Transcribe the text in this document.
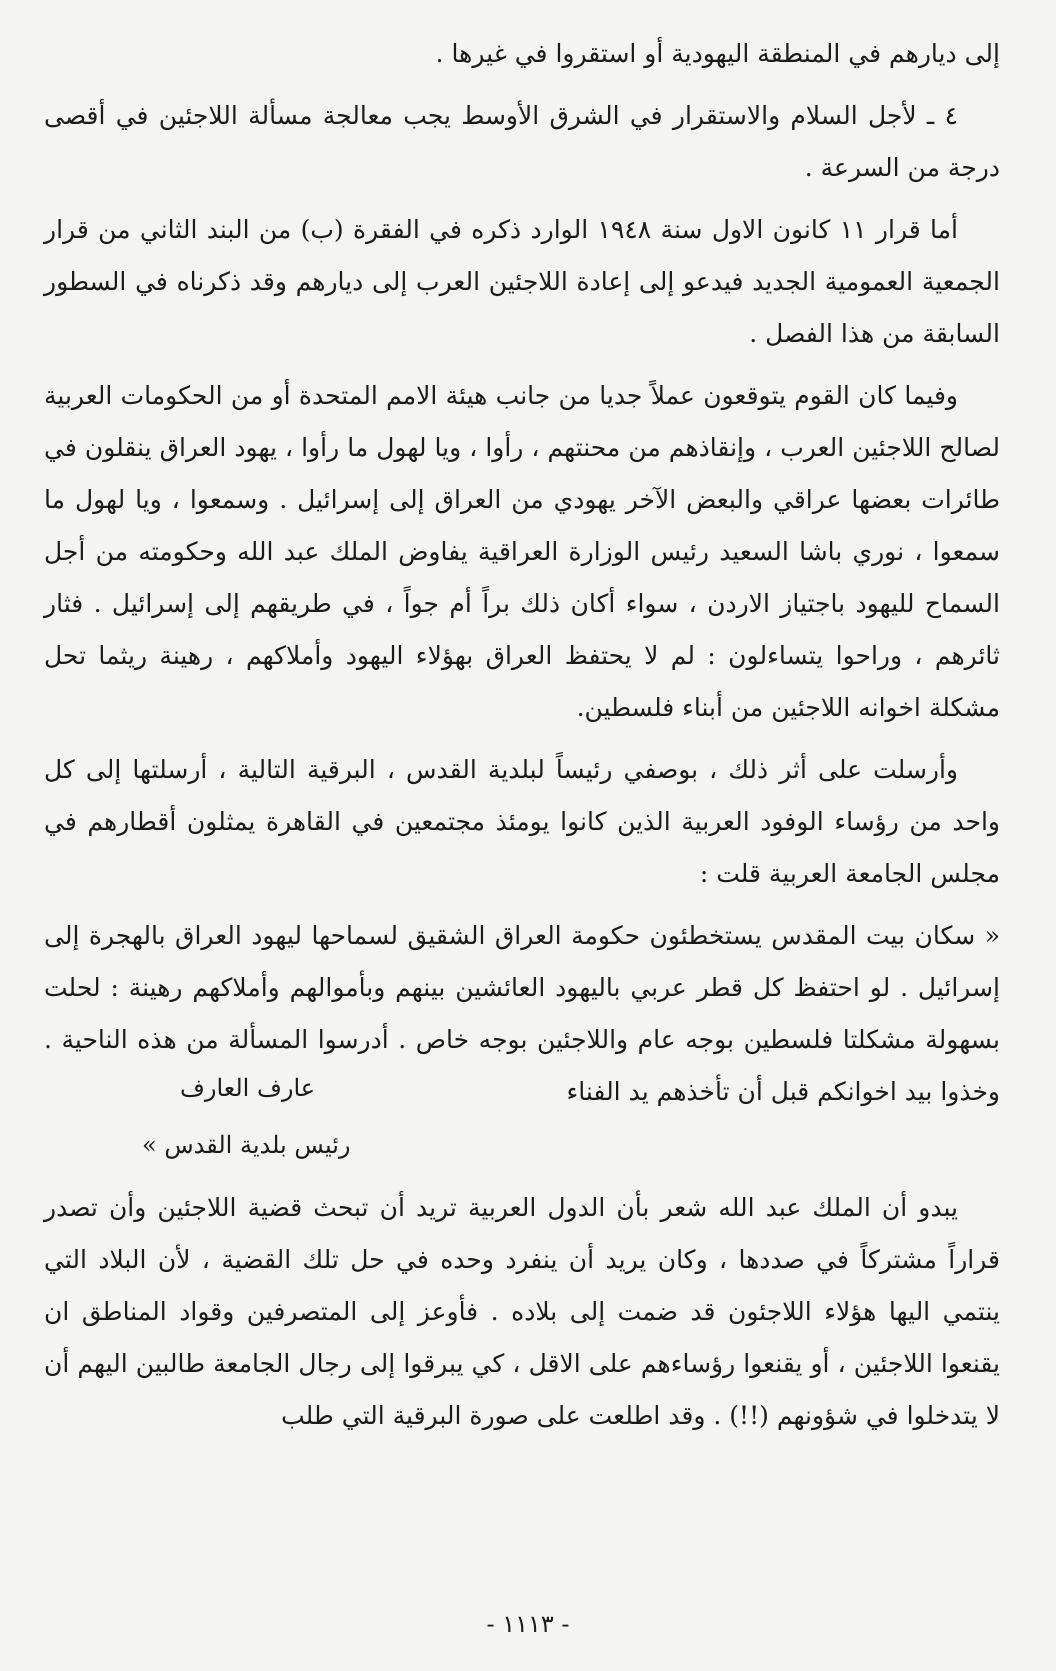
إلى ديارهم في المنطقة اليهودية أو استقروا في غيرها .

٤ ـ لأجل السلام والاستقرار في الشرق الأوسط يجب معالجة مسألة اللاجئين في أقصى درجة من السرعة .

أما قرار ١١ كانون الاول سنة ١٩٤٨ الوارد ذكره في الفقرة (ب) من البند الثاني من قرار الجمعية العمومية الجديد فيدعو إلى إعادة اللاجئين العرب إلى ديارهم وقد ذكرناه في السطور السابقة من هذا الفصل .

وفيما كان القوم يتوقعون عملاً جديا من جانب هيئة الامم المتحدة أو من الحكومات العربية لصالح اللاجئين العرب ، وإنقاذهم من محنتهم ، رأوا ، ويا لهول ما رأوا ، يهود العراق ينقلون في طائرات بعضها عراقي والبعض الآخر يهودي من العراق إلى إسرائيل . وسمعوا ، ويا لهول ما سمعوا ، نوري باشا السعيد رئيس الوزارة العراقية يفاوض الملك عبد الله وحكومته من أجل السماح لليهود باجتياز الاردن ، سواء أكان ذلك براً أم جواً ، في طريقهم إلى إسرائيل . فثار ثائرهم ، وراحوا يتساءلون : لم لا يحتفظ العراق بهؤلاء اليهود وأملاكهم ، رهينة ريثما تحل مشكلة اخوانه اللاجئين من أبناء فلسطين.

وأرسلت على أثر ذلك ، بوصفي رئيساً لبلدية القدس ، البرقية التالية ، أرسلتها إلى كل واحد من رؤساء الوفود العربية الذين كانوا يومئذ مجتمعين في القاهرة يمثلون أقطارهم في مجلس الجامعة العربية قلت :

« سكان بيت المقدس يستخطئون حكومة العراق الشقيق لسماحها ليهود العراق بالهجرة إلى إسرائيل . لو احتفظ كل قطر عربي باليهود العائشين بينهم وبأموالهم وأملاكهم رهينة : لحلت بسهولة مشكلتا فلسطين بوجه عام واللاجئين بوجه خاص . أدرسوا المسألة من هذه الناحية . وخذوا بيد اخوانكم قبل أن تأخذهم يد الفناء

عارف العارف
رئيس بلدية القدس »

يبدو أن الملك عبد الله شعر بأن الدول العربية تريد أن تبحث قضية اللاجئين وأن تصدر قراراً مشتركاً في صددها ، وكان يريد أن ينفرد وحده في حل تلك القضية ، لأن البلاد التي ينتمي اليها هؤلاء اللاجئون قد ضمت إلى بلاده . فأوعز إلى المتصرفين وقواد المناطق ان يقنعوا اللاجئين ، أو يقنعوا رؤساءهم على الاقل ، كي يبرقوا إلى رجال الجامعة طالبين اليهم أن لا يتدخلوا في شؤونهم (!!) . وقد اطلعت على صورة البرقية التي طلب

- ١١١٣ -
